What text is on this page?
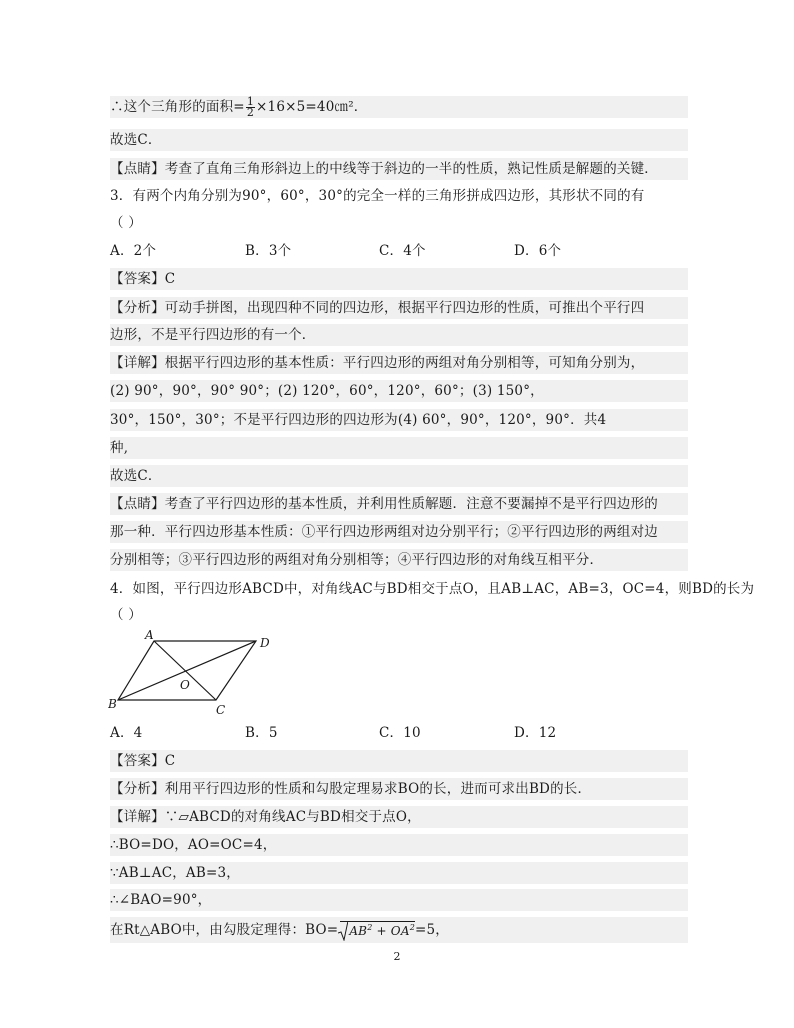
∴这个三角形的面积= $\frac{1}{2}$ ×16×5=40㎝²．
故选C．
【点睛】考查了直角三角形斜边上的中线等于斜边的一半的性质，熟记性质是解题的关键．
3．有两个内角分别为90°，60°，30°的完全一样的三角形拼成四边形，其形状不同的有
（ ）
A．2个	B．3个	C．4个	D．6个
【答案】C
【分析】可动手拼图，出现四种不同的四边形，根据平行四边形的性质，可推出个平行四
边形，不是平行四边形的有一个．
【详解】根据平行四边形的基本性质：平行四边形的两组对角分别相等，可知角分别为，
(2) 90°，90°，90° 90°；(2) 120°，60°，120°，60°；(3) 150°，
30°，150°，30°；不是平行四边形的四边形为(4) 60°，90°，120°，90°．共4
种,
故选C．
【点睛】考查了平行四边形的基本性质，并利用性质解题．注意不要漏掉不是平行四边形的
那一种．平行四边形基本性质：①平行四边形两组对边分别平行；②平行四边形的两组对边
分别相等；③平行四边形的两组对角分别相等；④平行四边形的对角线互相平分．
4．如图，平行四边形ABCD中，对角线AC与BD相交于点O，且AB⊥AC，AB=3，OC=4，则BD的长为
（ ）
A
D
B	C
O
A．4	B．5	C．10	D．12
【答案】C
【分析】利用平行四边形的性质和勾股定理易求BO的长，进而可求出BD的长．
【详解】∵▱ABCD的对角线AC与BD相交于点O，
∴BO=DO，AO=OC=4，
∵AB⊥AC，AB=3，
∴∠BAO=90°，
在Rt△ABO中，由勾股定理得：$BO= AB^2 + OA^2=5$，
2
